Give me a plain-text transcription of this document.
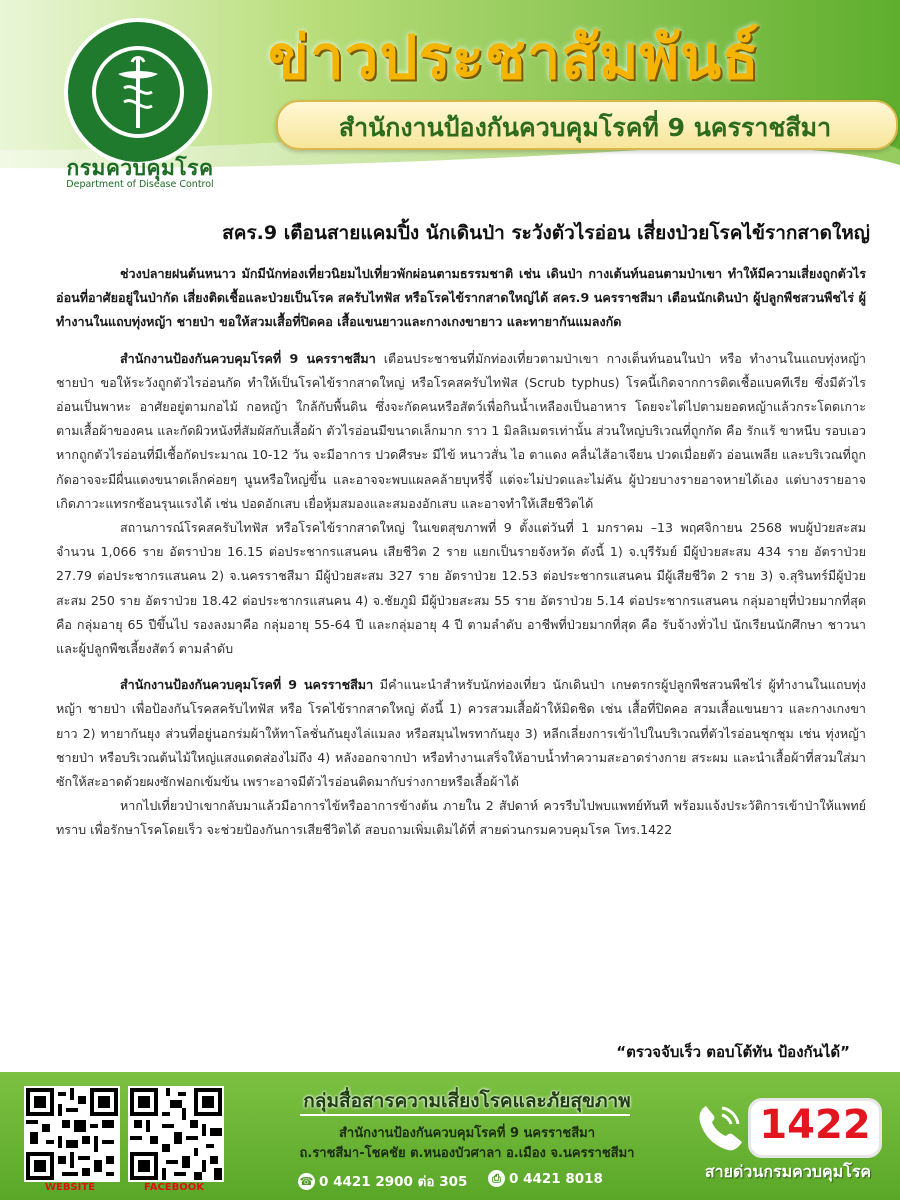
กรมควบคุมโรค
Department of Disease Control
ข่าวประชาสัมพันธ์
สำนักงานป้องกันควบคุมโรคที่ 9 นครราชสีมา
สคร.9 เตือนสายแคมปิ้ง นักเดินป่า ระวังตัวไรอ่อน เสี่ยงป่วยโรคไข้รากสาดใหญ่

ช่วงปลายฝนต้นหนาว มักมีนักท่องเที่ยวนิยมไปเที่ยวพักผ่อนตามธรรมชาติ เช่น เดินป่า กางเต้นท์นอนตามป่าเขา ทำให้มีความเสี่ยงถูกตัวไรอ่อนที่อาศัยอยู่ในป่ากัด เสี่ยงติดเชื้อและป่วยเป็นโรค สครับไทฟัส หรือโรคไข้รากสาดใหญ่ได้ สคร.9 นครราชสีมา เตือนนักเดินป่า ผู้ปลูกพืชสวนพืชไร่ ผู้ทำงานในแถบทุ่งหญ้า ชายป่า ขอให้สวมเสื้อที่ปิดคอ เสื้อแขนยาวและกางเกงขายาว และทายากันแมลงกัด

สำนักงานป้องกันควบคุมโรคที่ 9 นครราชสีมา เตือนประชาชนที่มักท่องเที่ยวตามป่าเขา กางเต็นท์นอนในป่า หรือ ทำงานในแถบทุ่งหญ้า ชายป่า ขอให้ระวังถูกตัวไรอ่อนกัด ทำให้เป็นโรคไข้รากสาดใหญ่ หรือโรคสครับไทฟัส (Scrub typhus) โรคนี้เกิดจากการติดเชื้อแบคทีเรีย ซึ่งมีตัวไรอ่อนเป็นพาหะ อาศัยอยู่ตามกอไม้ กอหญ้า ใกล้กับพื้นดิน ซึ่งจะกัดคนหรือสัตว์เพื่อกินน้ำเหลืองเป็นอาหาร โดยจะไต่ไปตามยอดหญ้าแล้วกระโดดเกาะตามเสื้อผ้าของคน และกัดผิวหนังที่สัมผัสกับเสื้อผ้า ตัวไรอ่อนมีขนาดเล็กมาก ราว 1 มิลลิเมตรเท่านั้น ส่วนใหญ่บริเวณที่ถูกกัด คือ รักแร้ ขาหนีบ รอบเอว หากถูกตัวไรอ่อนที่มีเชื้อกัดประมาณ 10-12 วัน จะมีอาการ ปวดศีรษะ มีไข้ หนาวสั่น ไอ ตาแดง คลื่นไส้อาเจียน ปวดเมื่อยตัว อ่อนเพลีย และบริเวณที่ถูกกัดอาจจะมีผื่นแดงขนาดเล็กค่อยๆ นูนหรือใหญ่ขึ้น และอาจจะพบแผลคล้ายบุหรี่จี้ แต่จะไม่ปวดและไม่คัน ผู้ป่วยบางรายอาจหายได้เอง แต่บางรายอาจเกิดภาวะแทรกซ้อนรุนแรงได้ เช่น ปอดอักเสบ เยื่อหุ้มสมองและสมองอักเสบ และอาจทำให้เสียชีวิตได้

สถานการณ์โรคสครับไทฟัส หรือโรคไข้รากสาดใหญ่ ในเขตสุขภาพที่ 9 ตั้งแต่วันที่ 1 มกราคม –13 พฤศจิกายน 2568 พบผู้ป่วยสะสม จำนวน 1,066 ราย อัตราป่วย 16.15 ต่อประชากรแสนคน เสียชีวิต 2 ราย แยกเป็นรายจังหวัด ดังนี้ 1) จ.บุรีรัมย์ มีผู้ป่วยสะสม 434 ราย อัตราป่วย 27.79 ต่อประชากรแสนคน 2) จ.นครราชสีมา มีผู้ป่วยสะสม 327 ราย อัตราป่วย 12.53 ต่อประชากรแสนคน มีผู้เสียชีวิต 2 ราย 3) จ.สุรินทร์มีผู้ป่วยสะสม 250 ราย อัตราป่วย 18.42 ต่อประชากรแสนคน 4) จ.ชัยภูมิ มีผู้ป่วยสะสม 55 ราย อัตราป่วย 5.14 ต่อประชากรแสนคน กลุ่มอายุที่ป่วยมากที่สุดคือ กลุ่มอายุ 65 ปีขึ้นไป รองลงมาคือ กลุ่มอายุ 55-64 ปี และกลุ่มอายุ 4 ปี ตามลำดับ อาชีพที่ป่วยมากที่สุด คือ รับจ้างทั่วไป นักเรียนนักศึกษา ชาวนา และผู้ปลูกพืชเลี้ยงสัตว์ ตามลำดับ

สำนักงานป้องกันควบคุมโรคที่ 9 นครราชสีมา มีคำแนะนำสำหรับนักท่องเที่ยว นักเดินป่า เกษตรกรผู้ปลูกพืชสวนพืชไร่ ผู้ทำงานในแถบทุ่งหญ้า ชายป่า เพื่อป้องกันโรคสครับไทฟัส หรือ โรคไข้รากสาดใหญ่ ดังนี้ 1) ควรสวมเสื้อผ้าให้มิดชิด เช่น เสื้อที่ปิดคอ สวมเสื้อแขนยาว และกางเกงขายาว 2) ทายากันยุง ส่วนที่อยู่นอกร่มผ้าให้ทาโลชั่นกันยุงไล่แมลง หรือสมุนไพรทากันยุง 3) หลีกเลี่ยงการเข้าไปในบริเวณที่ตัวไรอ่อนชุกชุม เช่น ทุ่งหญ้า ชายป่า หรือบริเวณต้นไม้ใหญ่แสงแดดส่องไม่ถึง 4) หลังออกจากป่า หรือทำงานเสร็จให้อาบน้ำทำความสะอาดร่างกาย สระผม และนำเสื้อผ้าที่สวมใส่มาซักให้สะอาดด้วยผงซักฟอกเข้มข้น เพราะอาจมีตัวไรอ่อนติดมากับร่างกายหรือเสื้อผ้าได้

หากไปเที่ยวป่าเขากลับมาแล้วมีอาการไข้หรืออาการข้างต้น ภายใน 2 สัปดาห์ ควรรีบไปพบแพทย์ทันที พร้อมแจ้งประวัติการเข้าป่าให้แพทย์ทราบ เพื่อรักษาโรคโดยเร็ว จะช่วยป้องกันการเสียชีวิตได้ สอบถามเพิ่มเติมได้ที่ สายด่วนกรมควบคุมโรค โทร.1422

“ตรวจจับเร็ว ตอบโต้ทัน ป้องกันได้”
WEBSITE	FACEBOOK
กลุ่มสื่อสารความเสี่ยงโรคและภัยสุขภาพ
สำนักงานป้องกันควบคุมโรคที่ 9 นครราชสีมา
ถ.ราชสีมา-โชคชัย ต.หนองบัวศาลา อ.เมือง จ.นครราชสีมา
☎ 0 4421 2900 ต่อ 305	⎙ 0 4421 8018
1422
สายด่วนกรมควบคุมโรค
